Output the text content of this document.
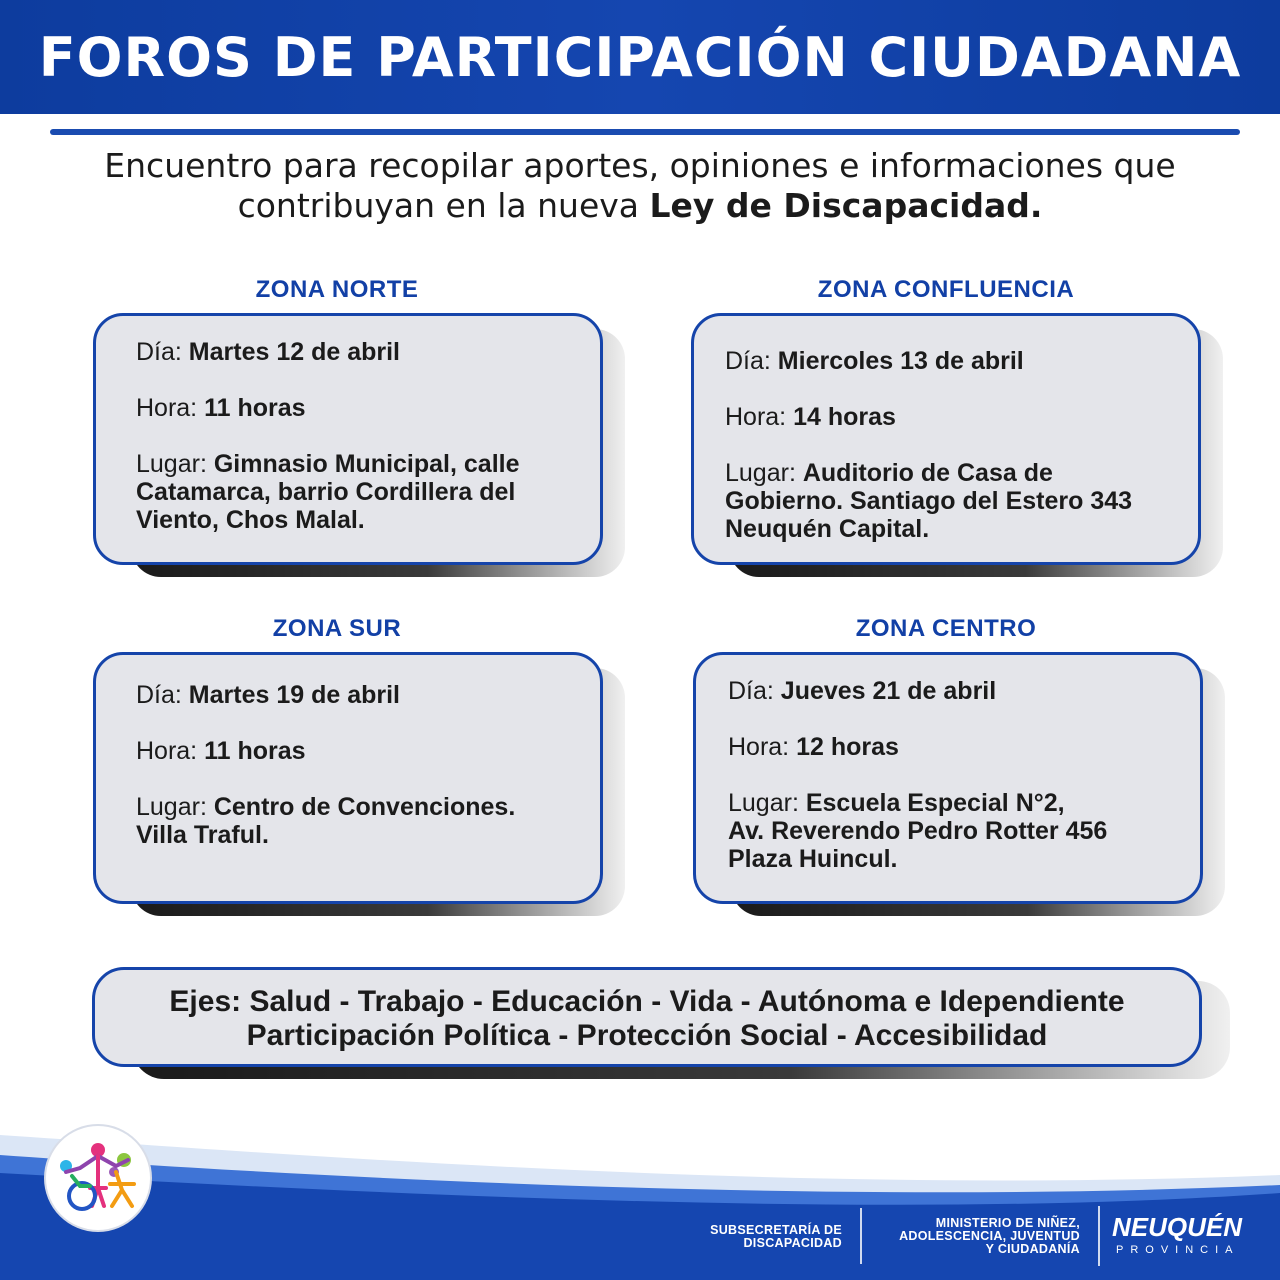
FOROS DE PARTICIPACIÓN CIUDADANA
Encuentro para recopilar aportes, opiniones e informaciones que
contribuyan en la nueva Ley de Discapacidad.
ZONA NORTE
Día: Martes 12 de abril
Hora: 11 horas
Lugar: Gimnasio Municipal, calle
Catamarca, barrio Cordillera del
Viento, Chos Malal.
ZONA CONFLUENCIA
Día: Miercoles 13 de abril
Hora: 14 horas
Lugar: Auditorio de Casa de
Gobierno. Santiago del Estero 343
Neuquén Capital.
ZONA SUR
Día: Martes 19 de abril
Hora: 11 horas
Lugar: Centro de Convenciones.
Villa Traful.
ZONA CENTRO
Día: Jueves 21 de abril
Hora: 12 horas
Lugar: Escuela Especial N°2,
Av. Reverendo Pedro Rotter 456
Plaza Huincul.
Ejes: Salud - Trabajo - Educación - Vida - Autónoma e Idependiente
Participación Política - Protección Social - Accesibilidad
SUBSECRETARÍA DE
DISCAPACIDAD
MINISTERIO DE NIÑEZ,
ADOLESCENCIA, JUVENTUD
Y CIUDADANÍA
NEUQUÉN
PROVINCIA
